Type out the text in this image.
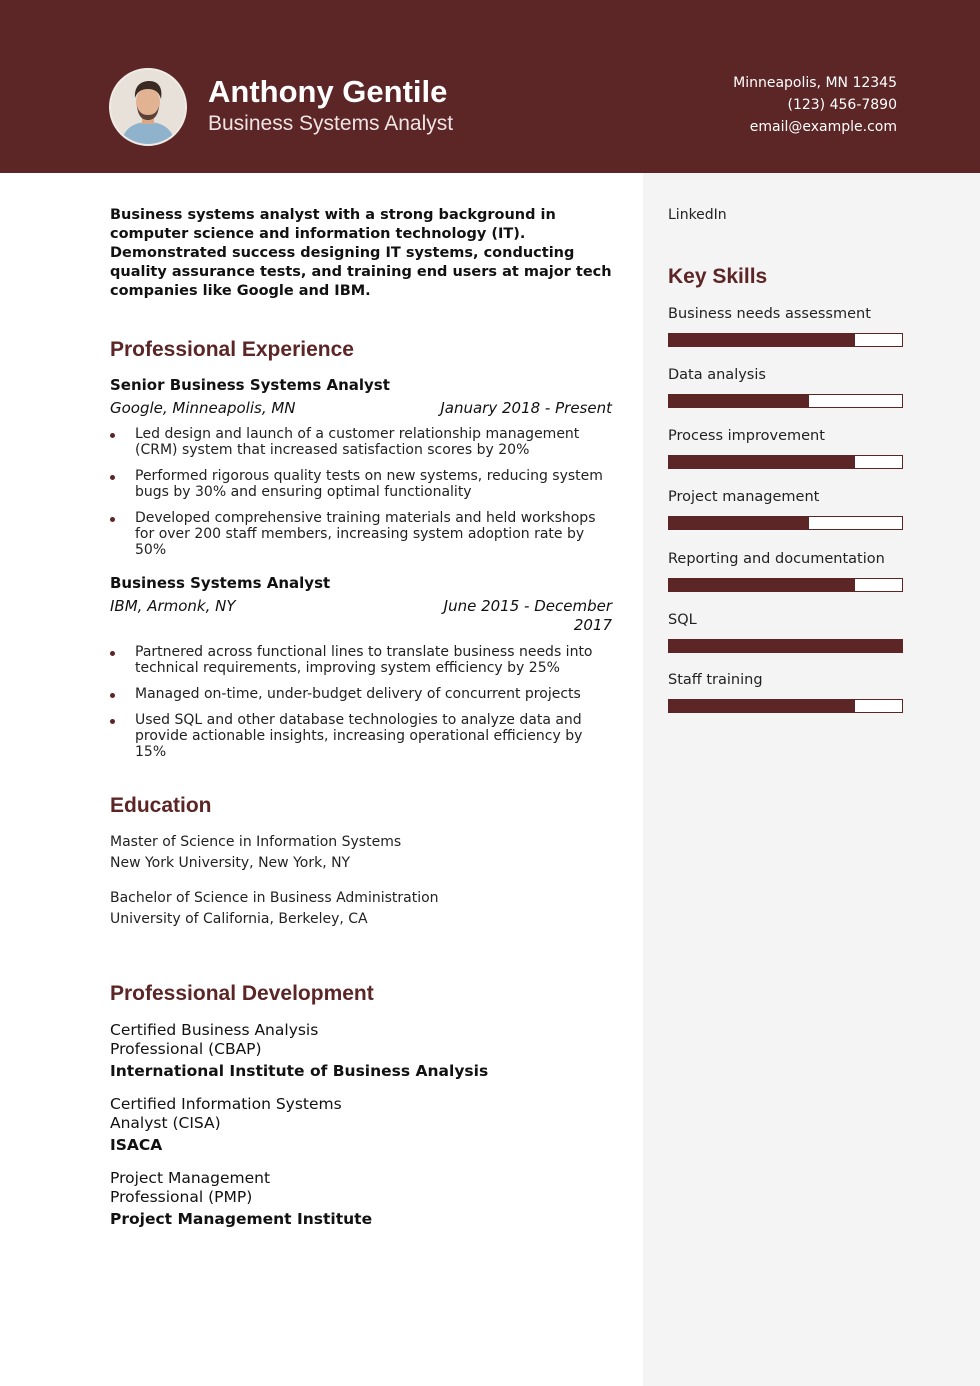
Anthony Gentile
Business Systems Analyst
Minneapolis, MN 12345
(123) 456-7890
email@example.com

Business systems analyst with a strong background in computer science and information technology (IT). Demonstrated success designing IT systems, conducting quality assurance tests, and training end users at major tech companies like Google and IBM.

Professional Experience
Senior Business Systems Analyst
Google, Minneapolis, MN	January 2018 - Present
Led design and launch of a customer relationship management (CRM) system that increased satisfaction scores by 20%
Performed rigorous quality tests on new systems, reducing system bugs by 30% and ensuring optimal functionality
Developed comprehensive training materials and held workshops for over 200 staff members, increasing system adoption rate by 50%
Business Systems Analyst
IBM, Armonk, NY	June 2015 - December 2017
Partnered across functional lines to translate business needs into technical requirements, improving system efficiency by 25%
Managed on-time, under-budget delivery of concurrent projects
Used SQL and other database technologies to analyze data and provide actionable insights, increasing operational efficiency by 15%
Education
Master of Science in Information Systems
New York University, New York, NY
Bachelor of Science in Business Administration
University of California, Berkeley, CA
Professional Development
Certified Business Analysis Professional (CBAP)
International Institute of Business Analysis
Certified Information Systems Analyst (CISA)
ISACA
Project Management Professional (PMP)
Project Management Institute
LinkedIn
Key Skills
Business needs assessment
Data analysis
Process improvement
Project management
Reporting and documentation
SQL
Staff training
